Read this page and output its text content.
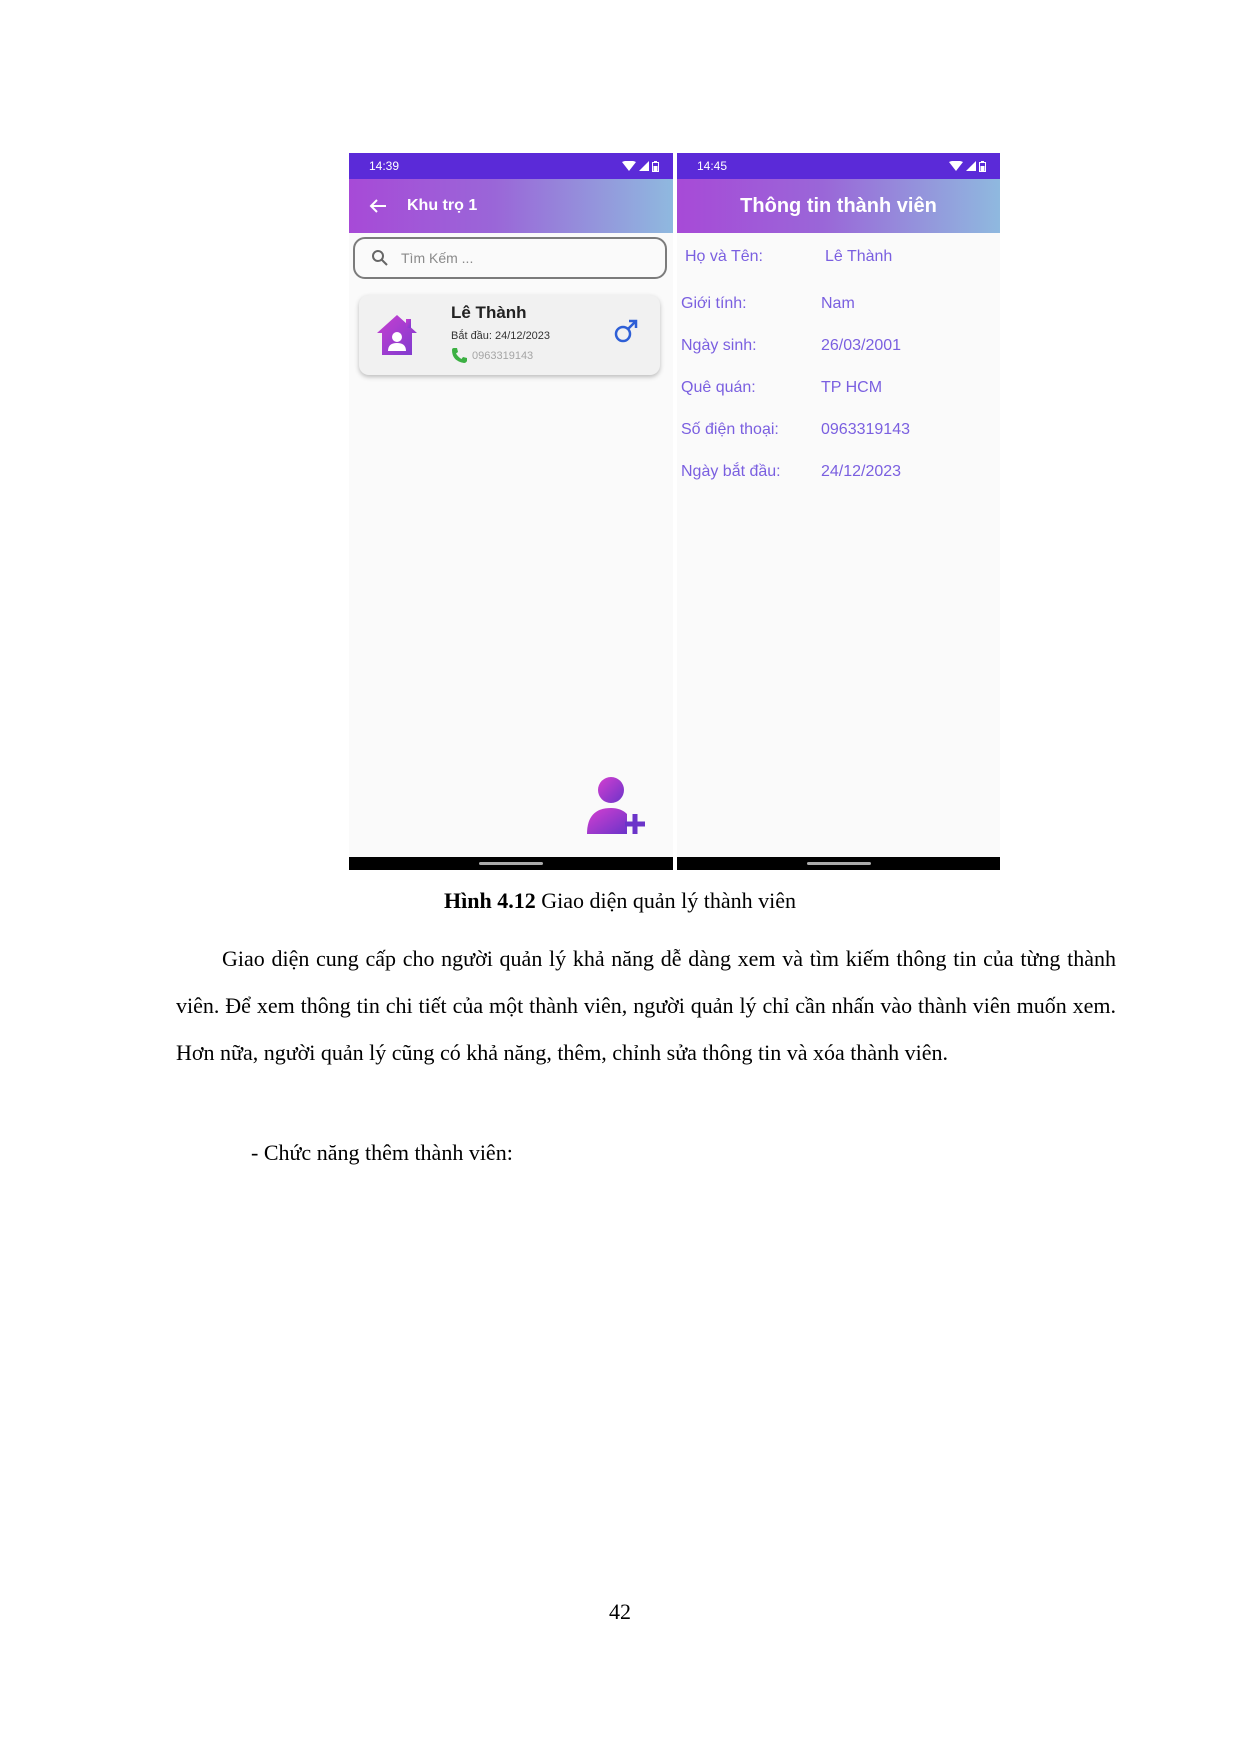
14:39
Khu trọ 1
Tìm Kếm ...
Lê Thành
Bắt đầu: 24/12/2023
0963319143
14:45
Thông tin thành viên
Họ và Tên:	Lê Thành
Giới tính:	Nam
Ngày sinh:	26/03/2001
Quê quán:	TP HCM
Số điện thoại:	0963319143
Ngày bắt đầu:	24/12/2023
Hình 4.12 Giao diện quản lý thành viên
Giao diện cung cấp cho người quản lý khả năng dễ dàng xem và tìm kiếm thông tin của từng thành viên. Để xem thông tin chi tiết của một thành viên, người quản lý chỉ cần nhấn vào thành viên muốn xem. Hơn nữa, người quản lý cũng có khả năng, thêm, chỉnh sửa thông tin và xóa thành viên.
- Chức năng thêm thành viên:
42
